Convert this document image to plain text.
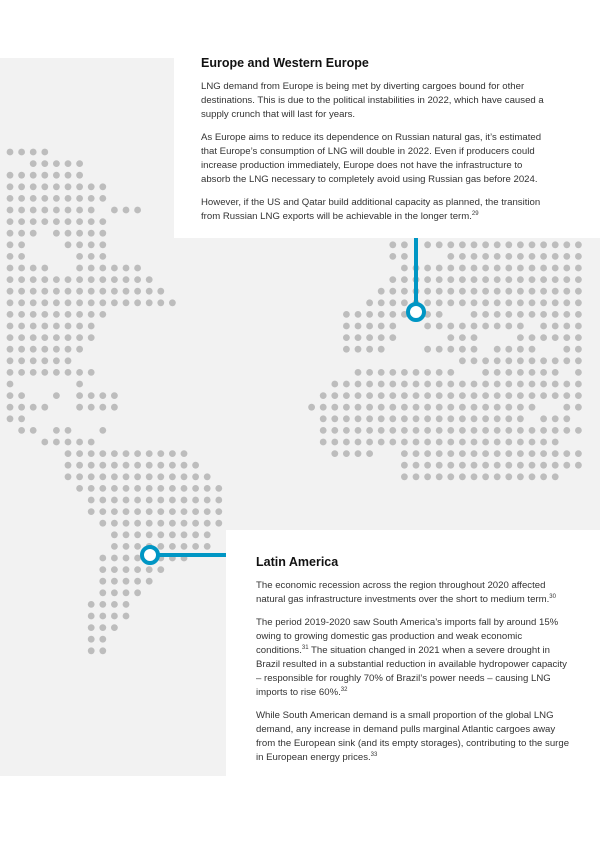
Europe and Western Europe

LNG demand from Europe is being met by diverting cargoes bound for other destinations. This is due to the political instabilities in 2022, which have caused a supply crunch that will last for years.

As Europe aims to reduce its dependence on Russian natural gas, it’s estimated that Europe’s consumption of LNG will double in 2022. Even if producers could increase production immediately, Europe does not have the infrastructure to absorb the LNG necessary to completely avoid using Russian gas before 2024.

However, if the US and Qatar build additional capacity as planned, the transition from Russian LNG exports will be achievable in the longer term.$^{29}$

Latin America

The economic recession across the region throughout 2020 affected natural gas infrastructure investments over the short to medium term.$^{30}$

The period 2019-2020 saw South America’s imports fall by around 15% owing to growing domestic gas production and weak economic conditions.$^{31}$ The situation changed in 2021 when a severe drought in Brazil resulted in a substantial reduction in available hydropower capacity – responsible for roughly 70% of Brazil’s power needs – causing LNG imports to rise 60%.$^{32}$

While South American demand is a small proportion of the global LNG demand, any increase in demand pulls marginal Atlantic cargoes away from the European sink (and its empty storages), contributing to the surge in European energy prices.$^{33}$
